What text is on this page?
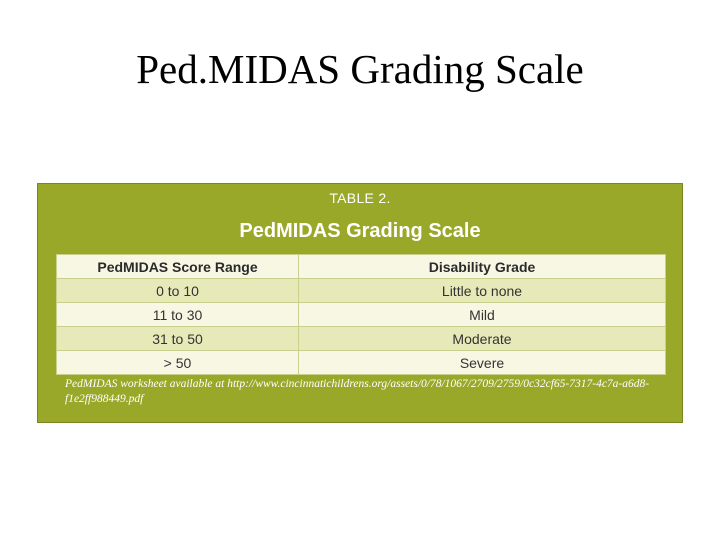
Ped.MIDAS Grading Scale
TABLE 2.
PedMIDAS Grading Scale
PedMIDAS Score Range	Disability Grade
0 to 10	Little to none
11 to 30	Mild
31 to 50	Moderate
> 50	Severe
PedMIDAS worksheet available at http://www.cincinnatichildrens.org/assets/0/78/1067/2709/2759/0c32cf65-7317-4c7a-a6d8-f1e2ff988449.pdf
